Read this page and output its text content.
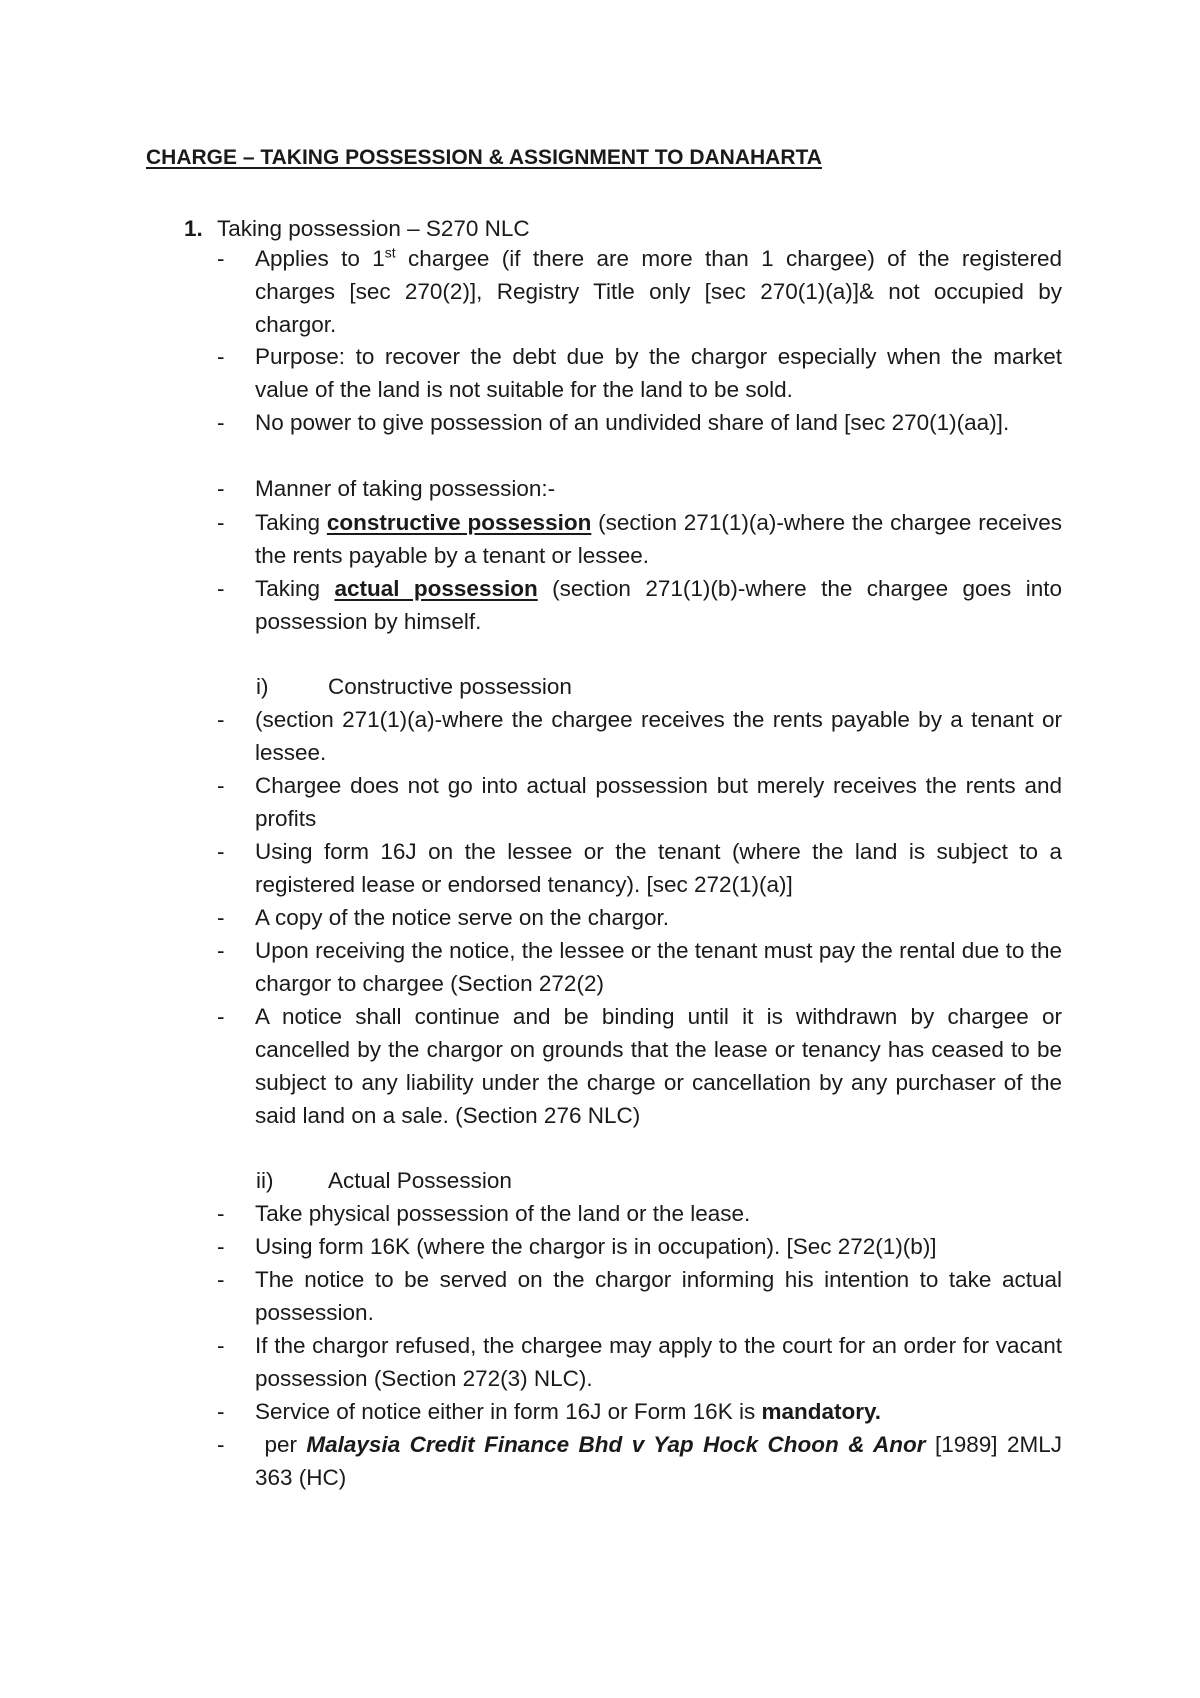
CHARGE – TAKING POSSESSION & ASSIGNMENT TO DANAHARTA
1. Taking possession – S270 NLC
- Applies to 1st chargee (if there are more than 1 chargee) of the registered charges [sec 270(2)], Registry Title only [sec 270(1)(a)]& not occupied by chargor.
- Purpose: to recover the debt due by the chargor especially when the market value of the land is not suitable for the land to be sold.
- No power to give possession of an undivided share of land [sec 270(1)(aa)].
- Manner of taking possession:-
- Taking constructive possession (section 271(1)(a)-where the chargee receives the rents payable by a tenant or lessee.
- Taking actual possession (section 271(1)(b)-where the chargee goes into possession by himself.
i)	Constructive possession
- (section 271(1)(a)-where the chargee receives the rents payable by a tenant or lessee.
- Chargee does not go into actual possession but merely receives the rents and profits
- Using form 16J on the lessee or the tenant (where the land is subject to a registered lease or endorsed tenancy). [sec 272(1)(a)]
- A copy of the notice serve on the chargor.
- Upon receiving the notice, the lessee or the tenant must pay the rental due to the chargor to chargee (Section 272(2)
- A notice shall continue and be binding until it is withdrawn by chargee or cancelled by the chargor on grounds that the lease or tenancy has ceased to be subject to any liability under the charge or cancellation by any purchaser of the said land on a sale. (Section 276 NLC)
ii) Actual Possession
- Take physical possession of the land or the lease.
- Using form 16K (where the chargor is in occupation). [Sec 272(1)(b)]
- The notice to be served on the chargor informing his intention to take actual possession.
- If the chargor refused, the chargee may apply to the court for an order for vacant possession (Section 272(3) NLC).
- Service of notice either in form 16J or Form 16K is mandatory.
- per Malaysia Credit Finance Bhd v Yap Hock Choon & Anor [1989] 2MLJ 363 (HC)
